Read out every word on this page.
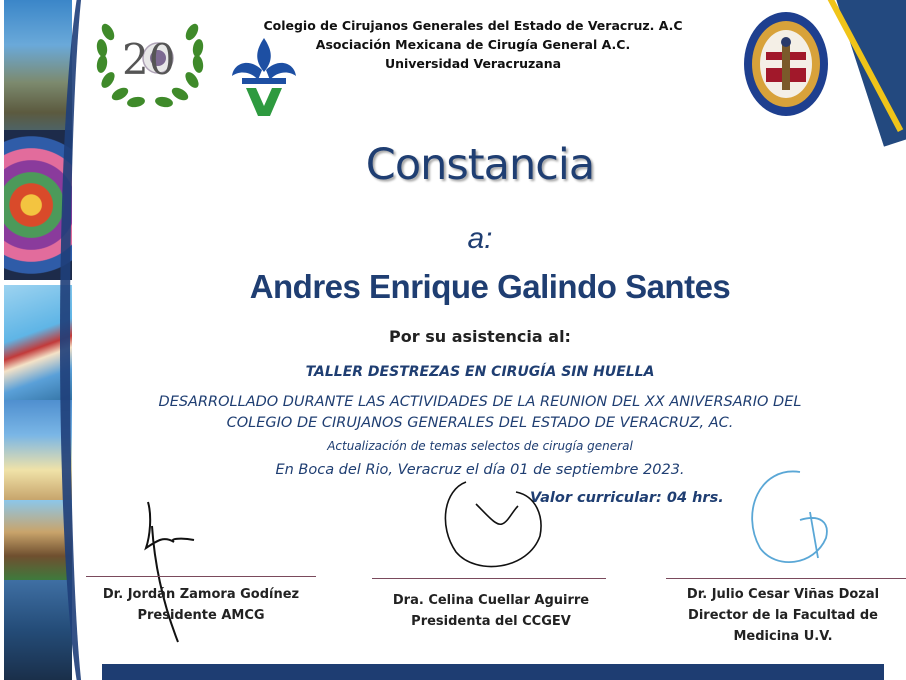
20
Colegio de Cirujanos Generales del Estado de Veracruz. A.C
Asociación Mexicana de Cirugía General A.C.
Universidad Veracruzana
Constancia
a:
Andres Enrique Galindo Santes
Por su asistencia al:
TALLER DESTREZAS EN CIRUGÍA SIN HUELLA
DESARROLLADO DURANTE LAS ACTIVIDADES DE LA REUNION DEL XX ANIVERSARIO DEL
COLEGIO DE CIRUJANOS GENERALES DEL ESTADO DE VERACRUZ, AC.
Actualización de temas selectos de cirugía general
En Boca del Rio, Veracruz el día 01 de septiembre 2023.
Valor curricular: 04 hrs.
Dr. Jordán Zamora Godínez
Presidente AMCG
Dra. Celina Cuellar Aguirre
Presidenta del CCGEV
Dr. Julio Cesar Viñas Dozal
Director de la Facultad de
Medicina U.V.
